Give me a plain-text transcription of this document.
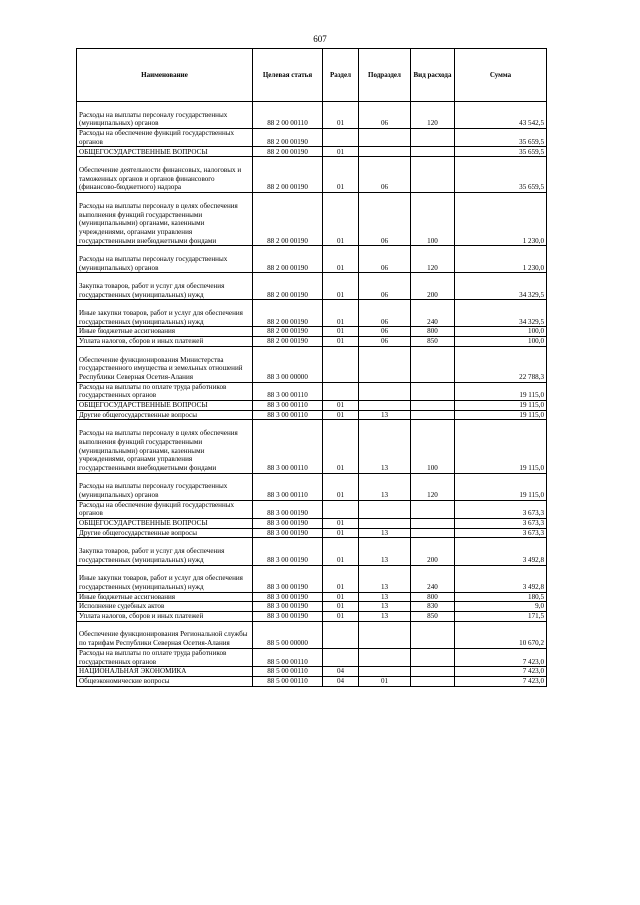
607
Наименование	Целевая статья	Раздел	Подраздел	Вид расхода	Сумма
Расходы на выплаты персоналу государственных (муниципальных) органов	88 2 00 00110	01	06	120	43 542,5
Расходы на обеспечение функций государственных органов	88 2 00 00190				35 659,5
ОБЩЕГОСУДАРСТВЕННЫЕ ВОПРОСЫ	88 2 00 00190	01			35 659,5
Обеспечение деятельности финансовых, налоговых и таможенных органов и органов финансового (финансово-бюджетного) надзора	88 2 00 00190	01	06		35 659,5
Расходы на выплаты персоналу в целях обеспечения выполнения функций государственными (муниципальными) органами, казенными учреждениями, органами управления государственными внебюджетными фондами	88 2 00 00190	01	06	100	1 230,0
Расходы на выплаты персоналу государственных (муниципальных) органов	88 2 00 00190	01	06	120	1 230,0
Закупка товаров, работ и услуг для обеспечения государственных (муниципальных) нужд	88 2 00 00190	01	06	200	34 329,5
Иные закупки товаров, работ и услуг для обеспечения государственных (муниципальных) нужд	88 2 00 00190	01	06	240	34 329,5
Иные бюджетные ассигнования	88 2 00 00190	01	06	800	100,0
Уплата налогов, сборов и иных платежей	88 2 00 00190	01	06	850	100,0
Обеспечение функционирования Министерства государственного имущества и земельных отношений Республики Северная Осетия-Алания	88 3 00 00000				22 788,3
Расходы на выплаты по оплате труда работников государственных органов	88 3 00 00110				19 115,0
ОБЩЕГОСУДАРСТВЕННЫЕ ВОПРОСЫ	88 3 00 00110	01			19 115,0
Другие общегосударственные вопросы	88 3 00 00110	01	13		19 115,0
Расходы на выплаты персоналу в целях обеспечения выполнения функций государственными (муниципальными) органами, казенными учреждениями, органами управления государственными внебюджетными фондами	88 3 00 00110	01	13	100	19 115,0
Расходы на выплаты персоналу государственных (муниципальных) органов	88 3 00 00110	01	13	120	19 115,0
Расходы на обеспечение функций государственных органов	88 3 00 00190				3 673,3
ОБЩЕГОСУДАРСТВЕННЫЕ ВОПРОСЫ	88 3 00 00190	01			3 673,3
Другие общегосударственные вопросы	88 3 00 00190	01	13		3 673,3
Закупка товаров, работ и услуг для обеспечения государственных (муниципальных) нужд	88 3 00 00190	01	13	200	3 492,8
Иные закупки товаров, работ и услуг для обеспечения государственных (муниципальных) нужд	88 3 00 00190	01	13	240	3 492,8
Иные бюджетные ассигнования	88 3 00 00190	01	13	800	180,5
Исполнение судебных актов	88 3 00 00190	01	13	830	9,0
Уплата налогов, сборов и иных платежей	88 3 00 00190	01	13	850	171,5
Обеспечение функционирования Региональной службы по тарифам Республики Северная Осетия-Алания	88 5 00 00000				10 670,2
Расходы на выплаты по оплате труда работников государственных органов	88 5 00 00110				7 423,0
НАЦИОНАЛЬНАЯ ЭКОНОМИКА	88 5 00 00110	04			7 423,0
Общеэкономические вопросы	88 5 00 00110	04	01		7 423,0
